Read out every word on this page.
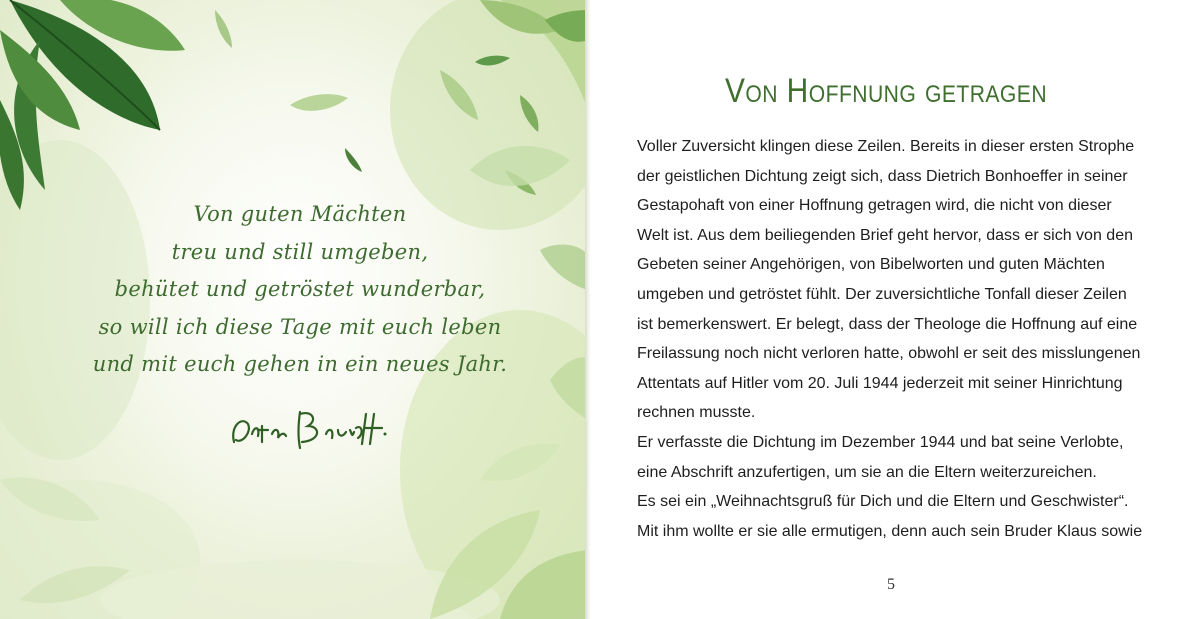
Von guten Mächten
treu und still umgeben,
behütet und getröstet wunderbar,
so will ich diese Tage mit euch leben
und mit euch gehen in ein neues Jahr.
Von Hoffnung getragen
Voller Zuversicht klingen diese Zeilen. Bereits in dieser ersten Strophe
der geistlichen Dichtung zeigt sich, dass Dietrich Bonhoeffer in seiner
Gestapohaft von einer Hoffnung getragen wird, die nicht von dieser
Welt ist. Aus dem beiliegenden Brief geht hervor, dass er sich von den
Gebeten seiner Angehörigen, von Bibelworten und guten Mächten
umgeben und getröstet fühlt. Der zuversichtliche Tonfall dieser Zeilen
ist bemerkenswert. Er belegt, dass der Theologe die Hoffnung auf eine
Freilassung noch nicht verloren hatte, obwohl er seit des misslungenen
Attentats auf Hitler vom 20. Juli 1944 jederzeit mit seiner Hinrichtung
rechnen musste.
Er verfasste die Dichtung im Dezember 1944 und bat seine Verlobte,
eine Abschrift anzufertigen, um sie an die Eltern weiterzureichen.
Es sei ein „Weihnachtsgruß für Dich und die Eltern und Geschwister“.
Mit ihm wollte er sie alle ermutigen, denn auch sein Bruder Klaus sowie
5
